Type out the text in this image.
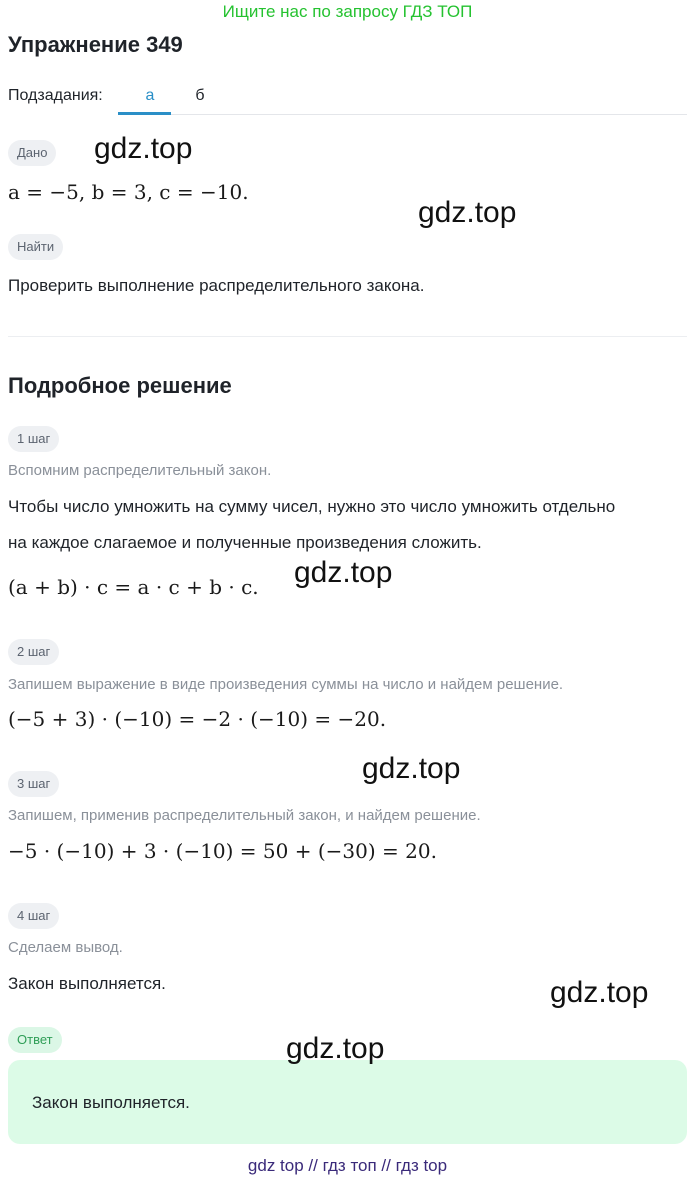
Ищите нас по запросу ГДЗ ТОП
Упражнение 349
Подзадания:	а	б
Дано
a = −5, b = 3, c = −10.
Найти
Проверить выполнение распределительного закона.
Подробное решение
1 шаг
Вспомним распределительный закон.
Чтобы число умножить на сумму чисел, нужно это число умножить отдельно
на каждое слагаемое и полученные произведения сложить.
(a + b) · c = a · c + b · c.
2 шаг
Запишем выражение в виде произведения суммы на число и найдем решение.
(−5 + 3) · (−10) = −2 · (−10) = −20.
3 шаг
Запишем, применив распределительный закон, и найдем решение.
−5 · (−10) + 3 · (−10) = 50 + (−30) = 20.
4 шаг
Сделаем вывод.
Закон выполняется.
Ответ
Закон выполняется.
gdz.top
gdz.top
gdz.top
gdz.top
gdz.top
gdz.top
gdz top // гдз топ // гдз top
